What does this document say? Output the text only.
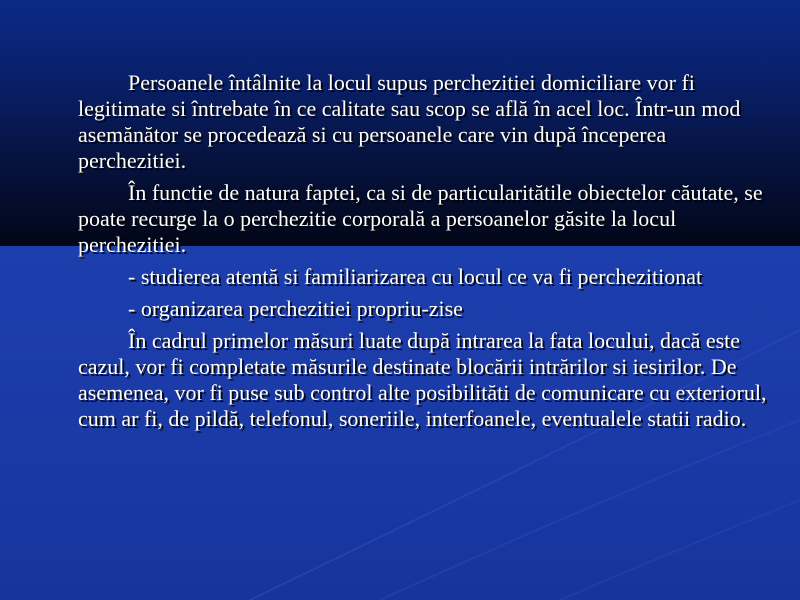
Persoanele întâlnite la locul supus perchezitiei domiciliare vor fi legitimate si întrebate în ce calitate sau scop se află în acel loc. Într-un mod asemănător se procedează si cu persoanele care vin după începerea perchezitiei.

În functie de natura faptei, ca si de particularitătile obiectelor căutate, se poate recurge la o perchezitie corporală a persoanelor găsite la locul perchezitiei.

- studierea atentă si familiarizarea cu locul ce va fi perchezitionat

- organizarea perchezitiei propriu-zise

În cadrul primelor măsuri luate după intrarea la fata locului, dacă este cazul, vor fi completate măsurile destinate blocării intrărilor si iesirilor. De asemenea, vor fi puse sub control alte posibilităti de comunicare cu exteriorul, cum ar fi, de pildă, telefonul, soneriile, interfoanele, eventualele statii radio.
